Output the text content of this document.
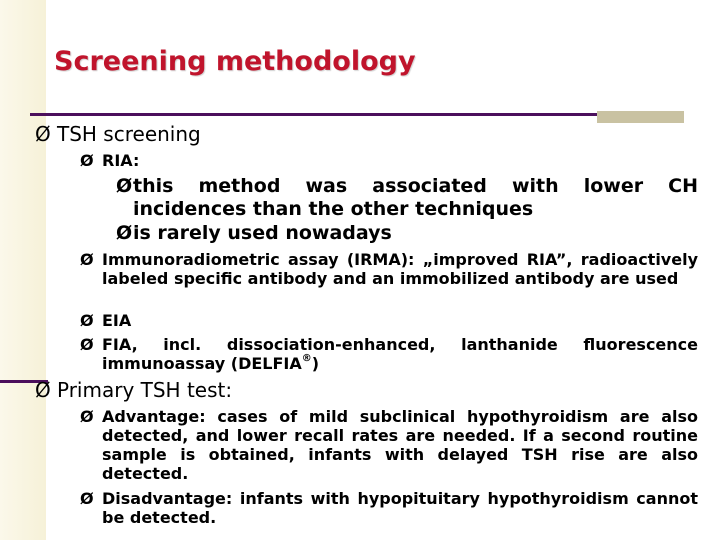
Screening methodology
Ø TSH screening
Ø RIA:
Ø this method was associated with lower CH incidences than the other techniques
Ø is rarely used nowadays
Ø Immunoradiometric assay (IRMA): „improved RIA”, radioactively labeled specific antibody and an immobilized antibody are used
Ø EIA
Ø FIA, incl. dissociation-enhanced, lanthanide fluorescence immunoassay (DELFIA®)
Ø Primary TSH test:
Ø Advantage: cases of mild subclinical hypothyroidism are also detected, and lower recall rates are needed. If a second routine sample is obtained, infants with delayed TSH rise are also detected.
Ø Disadvantage: infants with hypopituitary hypothyroidism cannot be detected.
